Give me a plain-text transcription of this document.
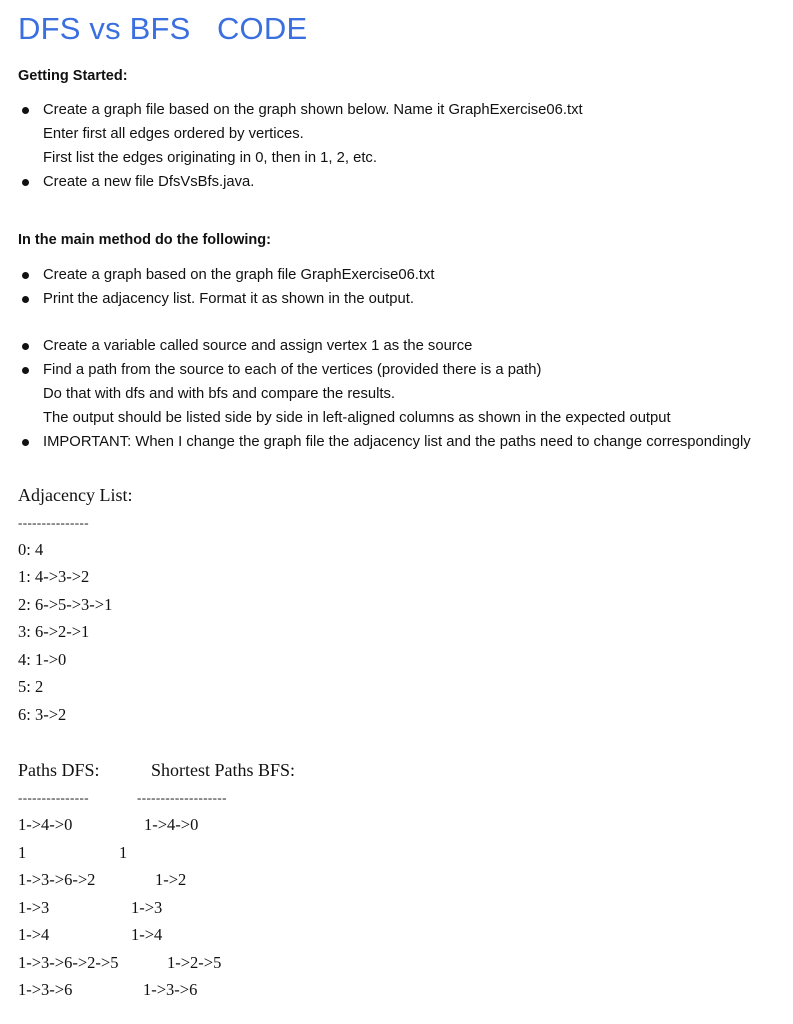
DFS vs BFS   CODE
Getting Started:
Create a graph file based on the graph shown below. Name it GraphExercise06.txt
Enter first all edges ordered by vertices.
First list the edges originating in 0, then in 1, 2, etc.
Create a new file DfsVsBfs.java.
In the main method do the following:
Create a graph based on the graph file GraphExercise06.txt
Print the adjacency list. Format it as shown in the output.
Create a variable called source and assign vertex 1 as the source
Find a path from the source to each of the vertices (provided there is a path)
Do that with dfs and with bfs and compare the results.
The output should be listed side by side in left-aligned columns as shown in the expected output
IMPORTANT: When I change the graph file the adjacency list and the paths need to change correspondingly
Adjacency List:
---------------
0: 4
1: 4->3->2
2: 6->5->3->1
3: 6->2->1
4: 1->0
5: 2
6: 3->2
Paths DFS:	Shortest Paths BFS:
---------------	-------------------
1->4->0	1->4->0
1	1
1->3->6->2	1->2
1->3	1->3
1->4	1->4
1->3->6->2->5	1->2->5
1->3->6	1->3->6
